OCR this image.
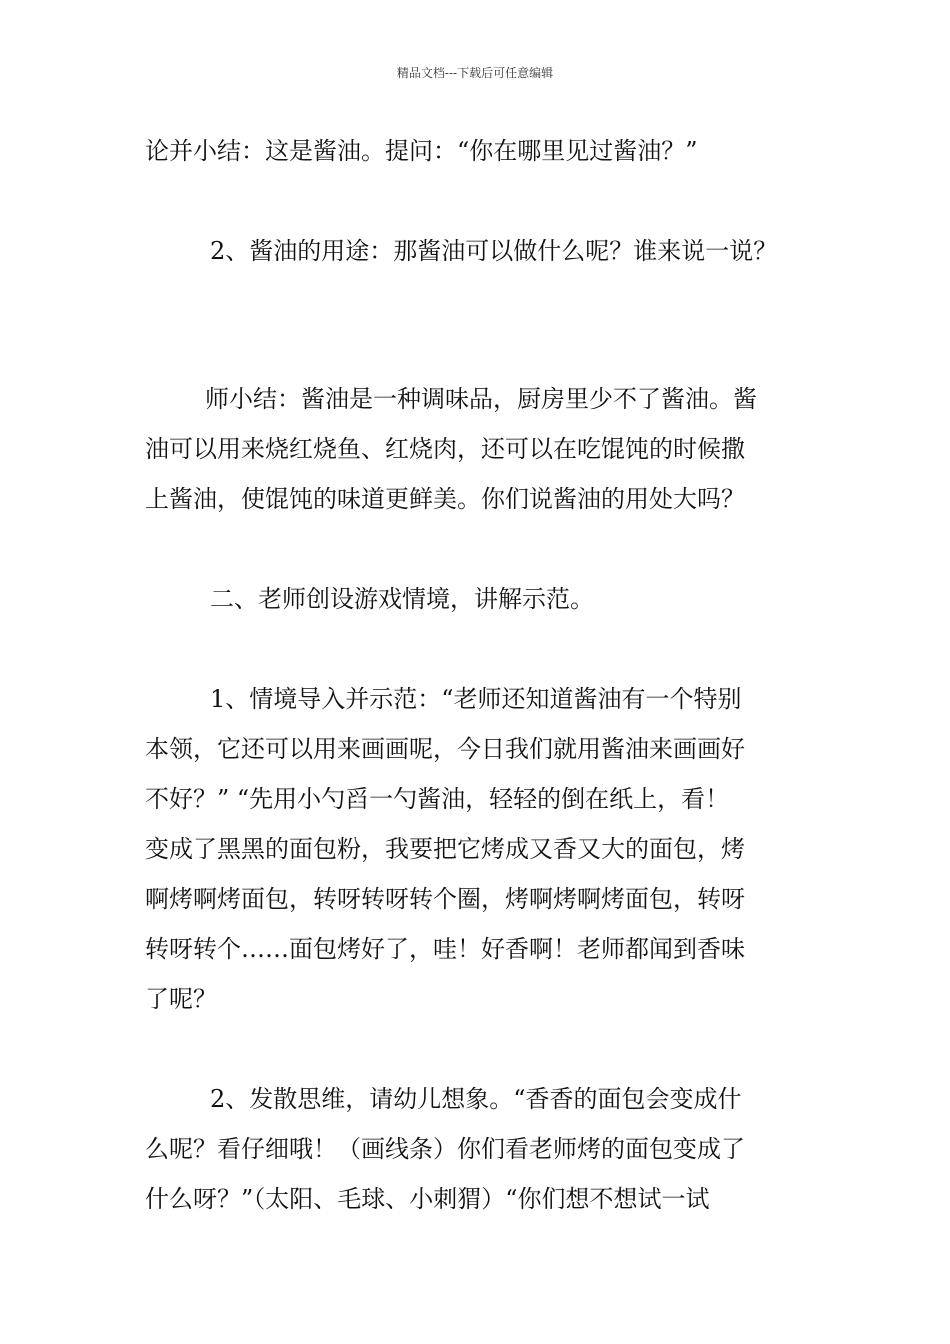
精品文档---下载后可任意编辑
论并小结：这是酱油。提问：“你在哪里见过酱油？”
2、酱油的用途：那酱油可以做什么呢？谁来说一说？
师小结：酱油是一种调味品，厨房里少不了酱油。酱
油可以用来烧红烧鱼、红烧肉，还可以在吃馄饨的时候撒
上酱油，使馄饨的味道更鲜美。你们说酱油的用处大吗？
二、老师创设游戏情境，讲解示范。
1、情境导入并示范：“老师还知道酱油有一个特别
本领，它还可以用来画画呢，今日我们就用酱油来画画好
不好？” “先用小勺舀一勺酱油，轻轻的倒在纸上，看！
变成了黑黑的面包粉，我要把它烤成又香又大的面包，烤
啊烤啊烤面包，转呀转呀转个圈，烤啊烤啊烤面包，转呀
转呀转个……面包烤好了，哇！好香啊！老师都闻到香味
了呢？
2、发散思维，请幼儿想象。“香香的面包会变成什
么呢？看仔细哦！（画线条）你们看老师烤的面包变成了
什么呀？”（太阳、毛球、小刺猬）“你们想不想试一试
